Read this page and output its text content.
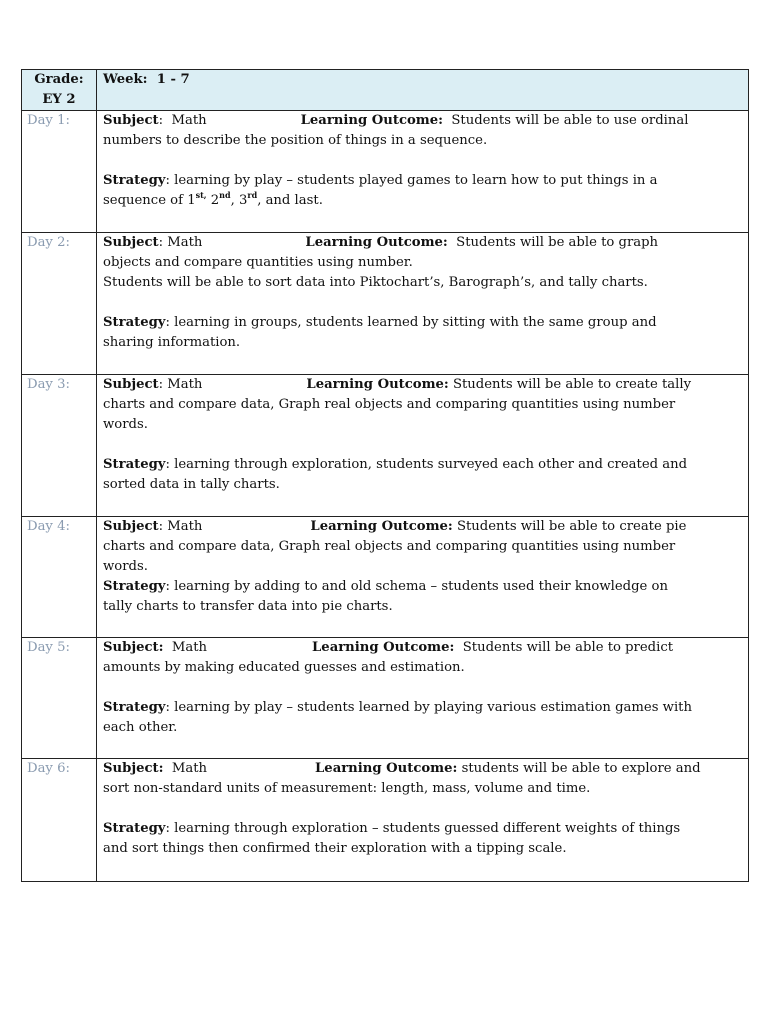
Grade:
EY 2	Week:  1 - 7
Day 1:	Subject:  Math Learning Outcome:  Students will be able to use ordinal
numbers to describe the position of things in a sequence.
Strategy: learning by play – students played games to learn how to put things in a
sequence of $1^{st,}$ 2nd, 3rd, and last.

Day 2:	Subject: Math Learning Outcome:  Students will be able to graph
objects and compare quantities using number.
Students will be able to sort data into Piktochart’s, Barograph’s, and tally charts.
Strategy: learning in groups, students learned by sitting with the same group and
sharing information.

Day 3:	Subject: Math Learning Outcome: Students will be able to create tally
charts and compare data, Graph real objects and comparing quantities using number
words.
Strategy: learning through exploration, students surveyed each other and created and
sorted data in tally charts.

Day 4:	Subject: Math Learning Outcome: Students will be able to create pie
charts and compare data, Graph real objects and comparing quantities using number
words.
Strategy: learning by adding to and old schema – students used their knowledge on
tally charts to transfer data into pie charts.

Day 5:	Subject:  Math Learning Outcome:  Students will be able to predict
amounts by making educated guesses and estimation.
Strategy: learning by play – students learned by playing various estimation games with
each other.

Day 6:	Subject:  Math Learning Outcome: students will be able to explore and
sort non-standard units of measurement: length, mass, volume and time.
Strategy: learning through exploration – students guessed different weights of things
and sort things then confirmed their exploration with a tipping scale.
